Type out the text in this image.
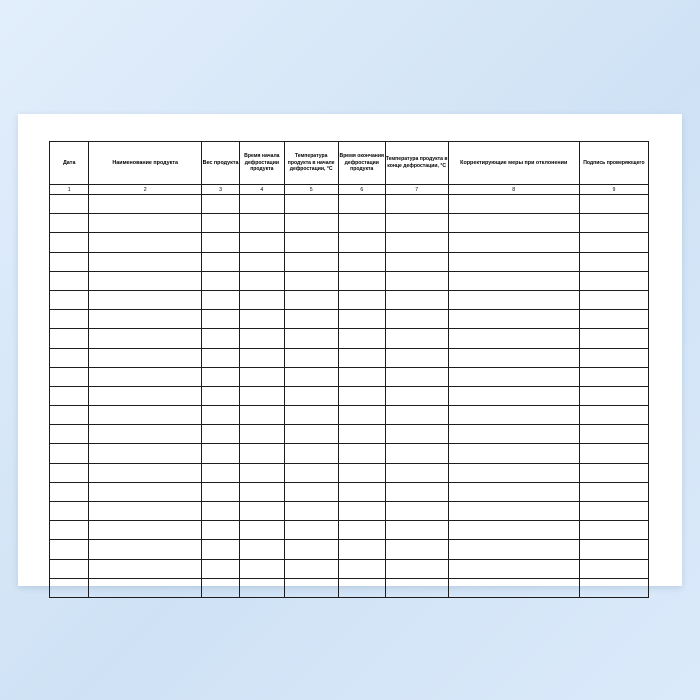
Дата	Наименование продукта	Вес продукта	Время начала дефростации продукта	Температура продукта в начале дефростации, °С	Время окончания дефростации продукта	Температура продукта в конце дефростации, °С	Корректирующие меры при отклонении	Подпись проверяющего
1	2	3	4	5	6	7	8	9
